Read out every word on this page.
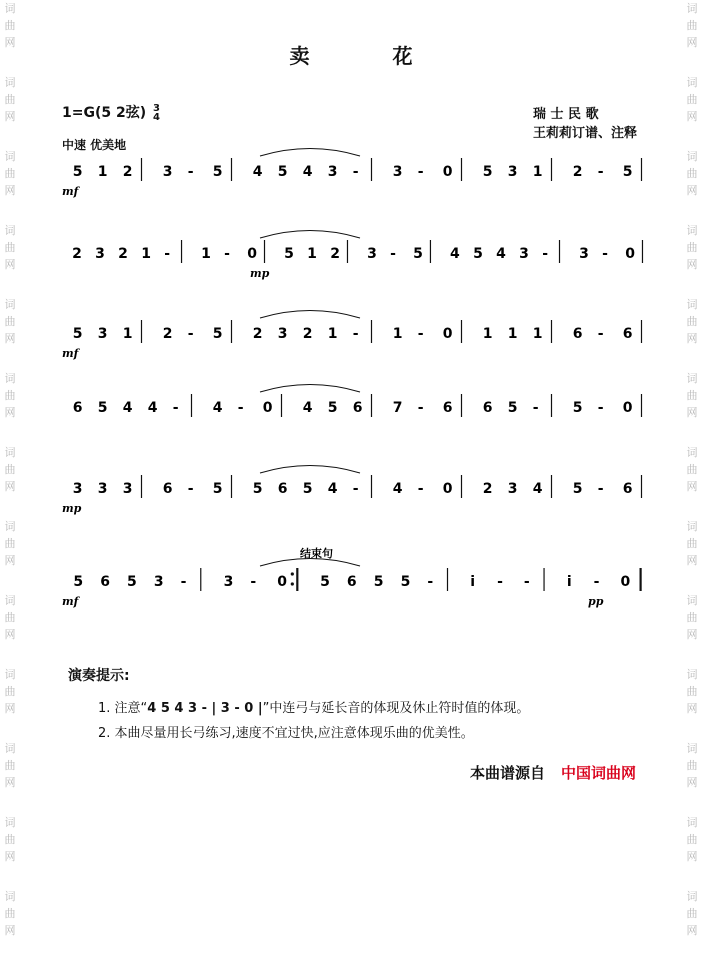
词
曲
网
词
曲
网
词
曲
网
词
曲
网
词
曲
网
词
曲
网
词
曲
网
词
曲
网
词
曲
网
词
曲
网
词
曲
网
词
曲
网
词
曲
网
词
曲
网
词
曲
网
词
曲
网
词
曲
网
词
曲
网
词
曲
网
词
曲
网
词
曲
网
词
曲
网
词
曲
网
词
曲
网
词
曲
网
词
曲
网
卖 花
1=G(5 2弦) 3
4
中速 优美地
瑞 士 民 歌
王莉莉订谱、注释
5 1 2 3 - 5 4 5 4 3 - 3 - 0 5 3 1 2 - 5
mf
2 3 2 1 - 1 - 0 5 1 2 3 - 5 4 5 4 3 - 3 - 0
mp
5 3 1 2 - 5 2 3 2 1 - 1 - 0 1 1 1 6 - 6
mf
6 5 4 4 - 4 - 0 4 5 6 7 - 6 6 5 - 5 - 0
3 3 3 6 - 5 5 6 5 4 - 4 - 0 2 3 4 5 - 6
mp
5 6 5 3 -	3 - 0 5 6 5 5 -	i - -	i - 0
mf
结束句
pp
演奏提示:
1. 注意“4 5 4 3 - | 3 - 0 |”中连弓与延长音的体现及休止符时值的体现。
2. 本曲尽量用长弓练习,速度不宜过快,应注意体现乐曲的优美性。
本曲谱源自 中国词曲网
